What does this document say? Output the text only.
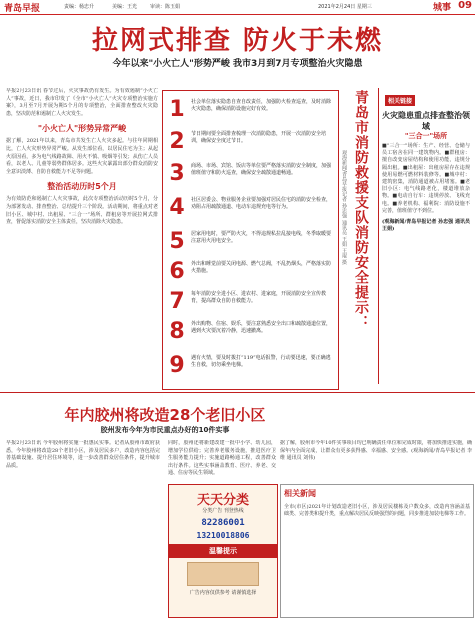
青岛早报	责编：杨忠升	美编：王光	审读：陈玉娟	2021年2月24日 星期三	城事 09
拉网式排查 防火于未燃
今年以来"小火亡人"形势严峻 我市3月到7月专项整治火灾隐患
早报2月23日讯 春节过后，火灾事故仍有发生。为有效遏制“小火亡人”事故，近日，我市印发了《全市“小火亡人”火灾专项整治实施方案》，3月至7月开展为期5个月的专项整治，全面排查整改火灾隐患，坚决防范和遏制亡人火灾发生。
"小火亡人"形势异常严峻
据了解，2021年以来，青岛市共发生亡人火灾多起。与往年同期相比，亡人火灾形势异常严峻。从发生部位看，以居民住宅为主；从起火原因看，多为电气线路故障、用火不慎、吸烟等引发；从伤亡人员看，以老人、儿童等弱势群体居多。这些火灾暴露出部分群众消防安全意识淡薄、自防自救能力不足等问题。
整治活动历时5个月
为有效防范和遏制亡人火灾事故，此次专项整治活动历时5个月，分为部署发动、排查整治、总结提升三个阶段。活动期间，将重点对老旧小区、城中村、出租屋、“三合一”场所、群租房等开展拉网式排查，督促落实消防安全主体责任，坚决消除火灾隐患。
1	社会单位落实隐患自查自改责任，加强防火检查巡查，及时消除火灾隐患，确保消防设施完好有效。
2	节日期间要全面排查梳理一次消防隐患，开展一次消防安全培训，确保安全度过节日。
3	商场、市场、宾馆、饭店等单位要严格落实消防安全制度，加强值班值守和防火巡查，确保安全疏散通道畅通。
4	社区居委会、物业服务企业要加强对居民住宅的消防安全检查，劝阻占用疏散通道、电动车违规充电等行为。
5	居家用电时，要严防火灾，不得违规私拉乱接电线，冬季取暖要注意用火用电安全。
6	外出和睡觉前要关闭电源、燃气总阀，不乱扔烟头，严格落实防火措施。
7	每年消防安全进小区、进农村、进家庭，开展消防安全宣传教育，提高群众自防自救能力。
8	外出购物、住宿、娱乐，要注意熟悉安全出口和疏散通道位置，遇到火灾要沉着冷静，迅速撤离。
9	遇有火情，要及时拨打“119”电话报警，行动要迅速，要正确逃生自救，切勿乘坐电梯。
观海新闻/青岛早报记者 孙忠强 通讯员 王娟 王琨 摄 青岛市消防救援支队消防安全提示：	相关链接
火灾隐患重点排查整治领域
"三合一"场所
■"三合一"场所：生产、经营、仓储与员工宿舍在同一建筑物内。■群租房：擅自改变房屋结构和使用功能，违规分隔出租。■出租屋：出租房屋存在违规使用易燃可燃材料装修等。■城中村：建筑密集，消防通道被占用堵塞。■老旧小区：电气线路老化，楼道堆放杂物。■电动自行车：违规停放、飞线充电。■养老机构、福利院：消防设施不完善，值班值守不到位。
(观海新闻/青岛早报记者 孙忠强 通讯员 王娟)
年内胶州将改造28个老旧小区
胶州发布今年为市民重点办好的10件实事
早报2月23日讯 今年胶州将实施一批惠民实事。记者从胶州市政府获悉，今年胶州将改造28个老旧小区，涉及居民多户，改造内容包括完善基础设施、提升居住环境等，进一步改善群众居住条件，提升城市品质。
同时，胶州还将新建改建一批中小学、幼儿园，增加学位供给；完善养老服务设施，推进医疗卫生服务能力提升；实施道路畅通工程，改善群众出行条件。这些实事涵盖教育、医疗、养老、交通、住房等民生领域。
据了解，胶州市今年10件实事项目均已明确责任单位和完成时限，将加快推进实施，确保年内全面完成，让群众有更多获得感、幸福感、安全感。(观海新闻/青岛早报记者 李维 通讯员 刘伟)
天天分类
分类广告 刊登热线
82286001
13210018806
温馨提示
广告内容仅供参考 请谨慎选择
相关新闻
全市(市区)2021年计划改造老旧小区，涉及居民楼栋及户数众多，改造内容涵盖基础类、完善类和提升类，重点解决居民反映强烈的问题，同步推进加装电梯等工作。
